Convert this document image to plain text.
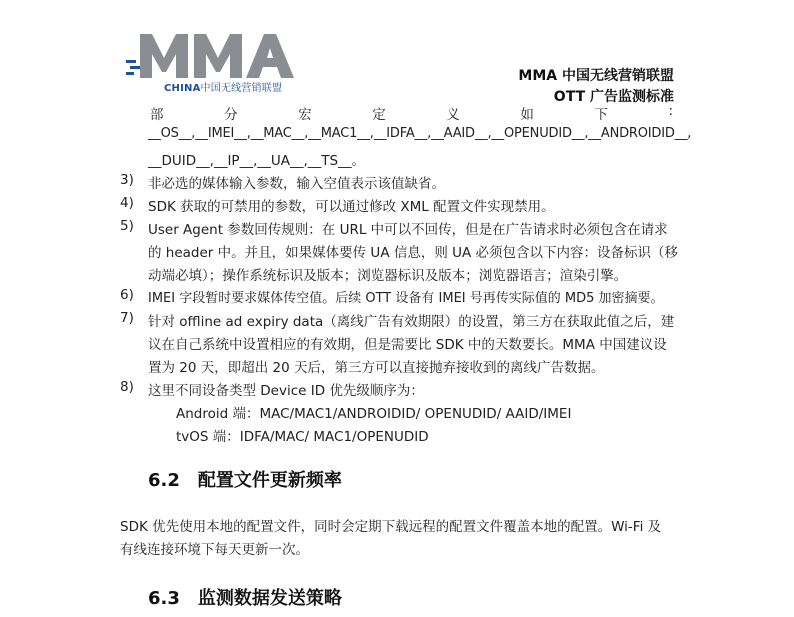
CHINA中国无线营销联盟
MMA 中国无线营销联盟
OTT 广告监测标准
部	分	宏	定	义	如	下	:
__OS__,__IMEI__,__MAC__,__MAC1__,__IDFA__,__AAID__,__OPENUDID__,__ANDROIDID__,
__DUID__,__IP__,__UA__,__TS__。
3) 非必选的媒体输入参数，输入空值表示该值缺省。
4) SDK 获取的可禁用的参数，可以通过修改 XML 配置文件实现禁用。
5) User Agent 参数回传规则：在 URL 中可以不回传，但是在广告请求时必须包含在请求
的 header 中。并且，如果媒体要传 UA 信息，则 UA 必须包含以下内容：设备标识（移
动端必填）；操作系统标识及版本；浏览器标识及版本；浏览器语言；渲染引擎。
6) IMEI 字段暂时要求媒体传空值。后续 OTT 设备有 IMEI 号再传实际值的 MD5 加密摘要。
7) 针对 offline ad expiry data（离线广告有效期限）的设置，第三方在获取此值之后，建
议在自己系统中设置相应的有效期，但是需要比 SDK 中的天数要长。MMA 中国建议设
置为 20 天，即超出 20 天后，第三方可以直接抛弃接收到的离线广告数据。
8) 这里不同设备类型 Device ID 优先级顺序为：
Android 端：MAC/MAC1/ANDROIDID/ OPENUDID/ AAID/IMEI
tvOS 端：IDFA/MAC/ MAC1/OPENUDID
6.2 配置文件更新频率
SDK 优先使用本地的配置文件，同时会定期下载远程的配置文件覆盖本地的配置。Wi-Fi 及
有线连接环境下每天更新一次。
6.3 监测数据发送策略
